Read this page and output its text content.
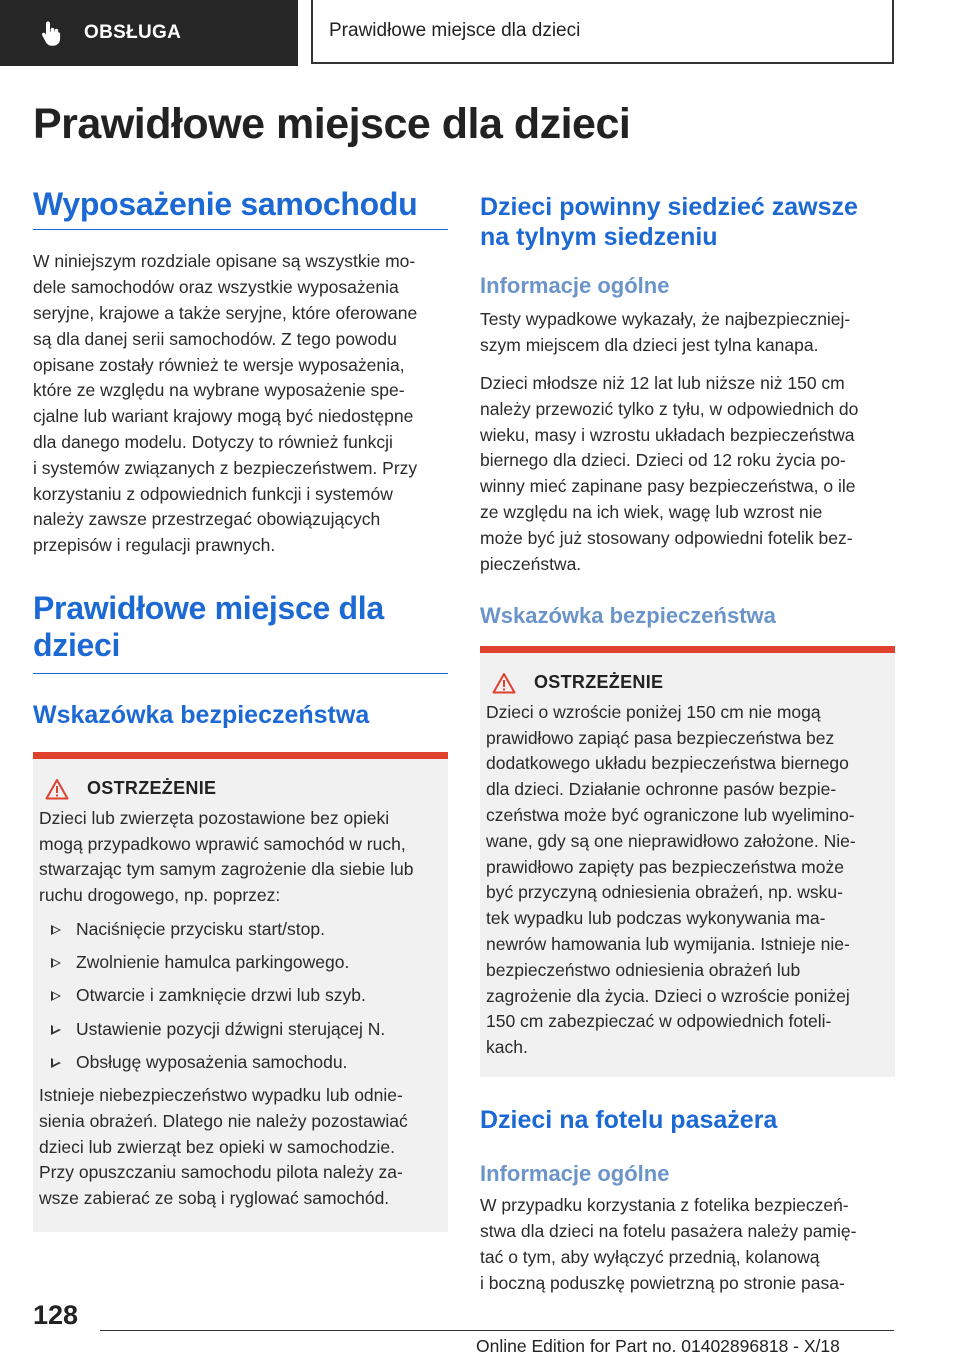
OBSŁUGA	Prawidłowe miejsce dla dzieci
Prawidłowe miejsce dla dzieci
Wyposażenie samochodu

W niniejszym rozdziale opisane są wszystkie mo-

dele samochodów oraz wszystkie wyposażenia

seryjne, krajowe a także seryjne, które oferowane

są dla danej serii samochodów. Z tego powodu

opisane zostały również te wersje wyposażenia,

które ze względu na wybrane wyposażenie spe-

cjalne lub wariant krajowy mogą być niedostępne

dla danego modelu. Dotyczy to również funkcji

i systemów związanych z bezpieczeństwem. Przy

korzystaniu z odpowiednich funkcji i systemów

należy zawsze przestrzegać obowiązujących

przepisów i regulacji prawnych.

Prawidłowe miejsce dla dzieci
Wskazówka bezpieczeństwa
OSTRZEŻENIE

Dzieci lub zwierzęta pozostawione bez opieki

mogą przypadkowo wprawić samochód w ruch,

stwarzając tym samym zagrożenie dla siebie lub

ruchu drogowego, np. poprzez:

Naciśnięcie przycisku start/stop.
Zwolnienie hamulca parkingowego.
Otwarcie i zamknięcie drzwi lub szyb.
Ustawienie pozycji dźwigni sterującej N.
Obsługę wyposażenia samochodu.

Istnieje niebezpieczeństwo wypadku lub odnie-

sienia obrażeń. Dlatego nie należy pozostawiać

dzieci lub zwierząt bez opieki w samochodzie.

Przy opuszczaniu samochodu pilota należy za-

wsze zabierać ze sobą i ryglować samochód.

Dzieci powinny siedzieć zawsze na tylnym siedzeniu
Informacje ogólne

Testy wypadkowe wykazały, że najbezpieczniej-

szym miejscem dla dzieci jest tylna kanapa.

Dzieci młodsze niż 12 lat lub niższe niż 150 cm

należy przewozić tylko z tyłu, w odpowiednich do

wieku, masy i wzrostu układach bezpieczeństwa

biernego dla dzieci. Dzieci od 12 roku życia po-

winny mieć zapinane pasy bezpieczeństwa, o ile

ze względu na ich wiek, wagę lub wzrost nie

może być już stosowany odpowiedni fotelik bez-

pieczeństwa.

Wskazówka bezpieczeństwa
OSTRZEŻENIE

Dzieci o wzroście poniżej 150 cm nie mogą

prawidłowo zapiąć pasa bezpieczeństwa bez

dodatkowego układu bezpieczeństwa biernego

dla dzieci. Działanie ochronne pasów bezpie-

czeństwa może być ograniczone lub wyelimino-

wane, gdy są one nieprawidłowo założone. Nie-

prawidłowo zapięty pas bezpieczeństwa może

być przyczyną odniesienia obrażeń, np. wsku-

tek wypadku lub podczas wykonywania ma-

newrów hamowania lub wymijania. Istnieje nie-

bezpieczeństwo odniesienia obrażeń lub

zagrożenie dla życia. Dzieci o wzroście poniżej

150 cm zabezpieczać w odpowiednich foteli-

kach.

Dzieci na fotelu pasażera
Informacje ogólne

W przypadku korzystania z fotelika bezpieczeń-

stwa dla dzieci na fotelu pasażera należy pamię-

tać o tym, aby wyłączyć przednią, kolanową

i boczną poduszkę powietrzną po stronie pasa-

128
Online Edition for Part no. 01402896818 - X/18
